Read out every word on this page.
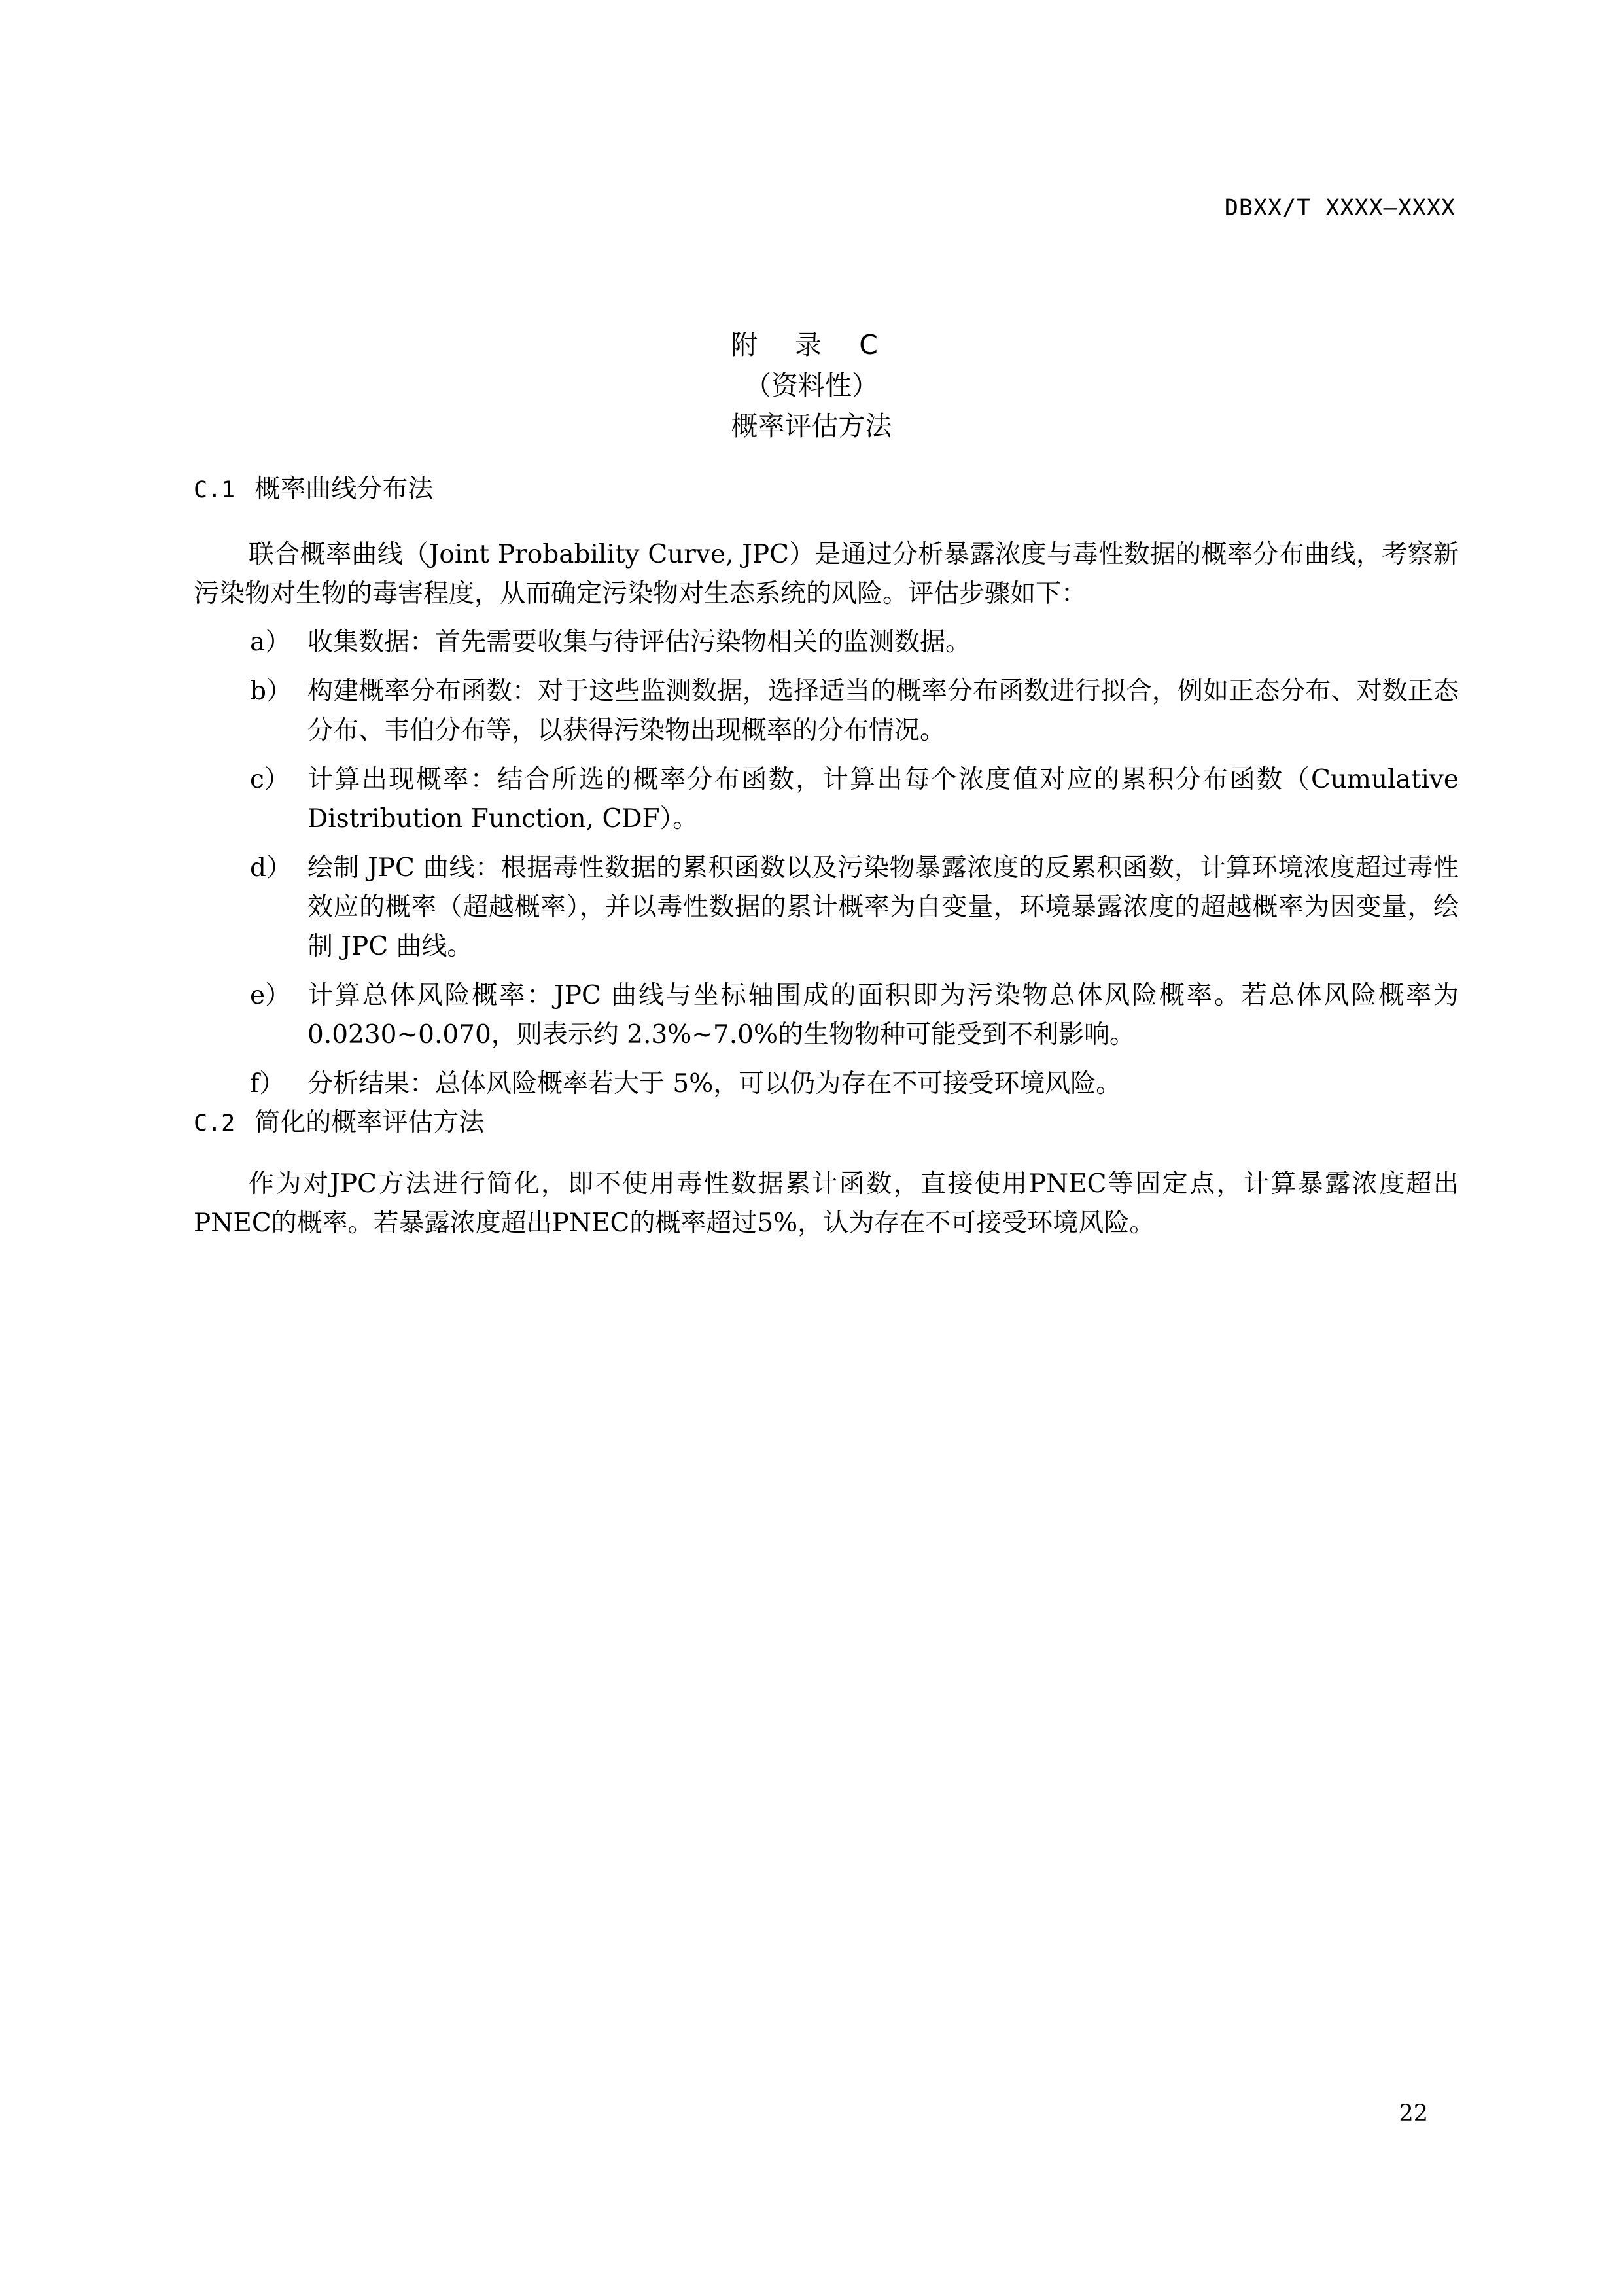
DBXX/T XXXX—XXXX
附 录 C
（资料性）
概率评估方法
C.1 概率曲线分布法

联合概率曲线（Joint Probability Curve, JPC）是通过分析暴露浓度与毒性数据的概率分布曲线，考察新污染物对生物的毒害程度，从而确定污染物对生态系统的风险。评估步骤如下：

a） 收集数据：首先需要收集与待评估污染物相关的监测数据。
b） 构建概率分布函数：对于这些监测数据，选择适当的概率分布函数进行拟合，例如正态分布、对数正态分布、韦伯分布等，以获得污染物出现概率的分布情况。
c） 计算出现概率：结合所选的概率分布函数，计算出每个浓度值对应的累积分布函数（Cumulative Distribution Function, CDF）。
d） 绘制 JPC 曲线：根据毒性数据的累积函数以及污染物暴露浓度的反累积函数，计算环境浓度超过毒性效应的概率（超越概率），并以毒性数据的累计概率为自变量，环境暴露浓度的超越概率为因变量，绘制 JPC 曲线。
e） 计算总体风险概率：JPC 曲线与坐标轴围成的面积即为污染物总体风险概率。若总体风险概率为 0.0230~0.070，则表示约 2.3%~7.0%的生物物种可能受到不利影响。
f） 分析结果：总体风险概率若大于 5%，可以仍为存在不可接受环境风险。
C.2 简化的概率评估方法

作为对JPC方法进行简化，即不使用毒性数据累计函数，直接使用PNEC等固定点，计算暴露浓度超出PNEC的概率。若暴露浓度超出PNEC的概率超过5%，认为存在不可接受环境风险。

22
